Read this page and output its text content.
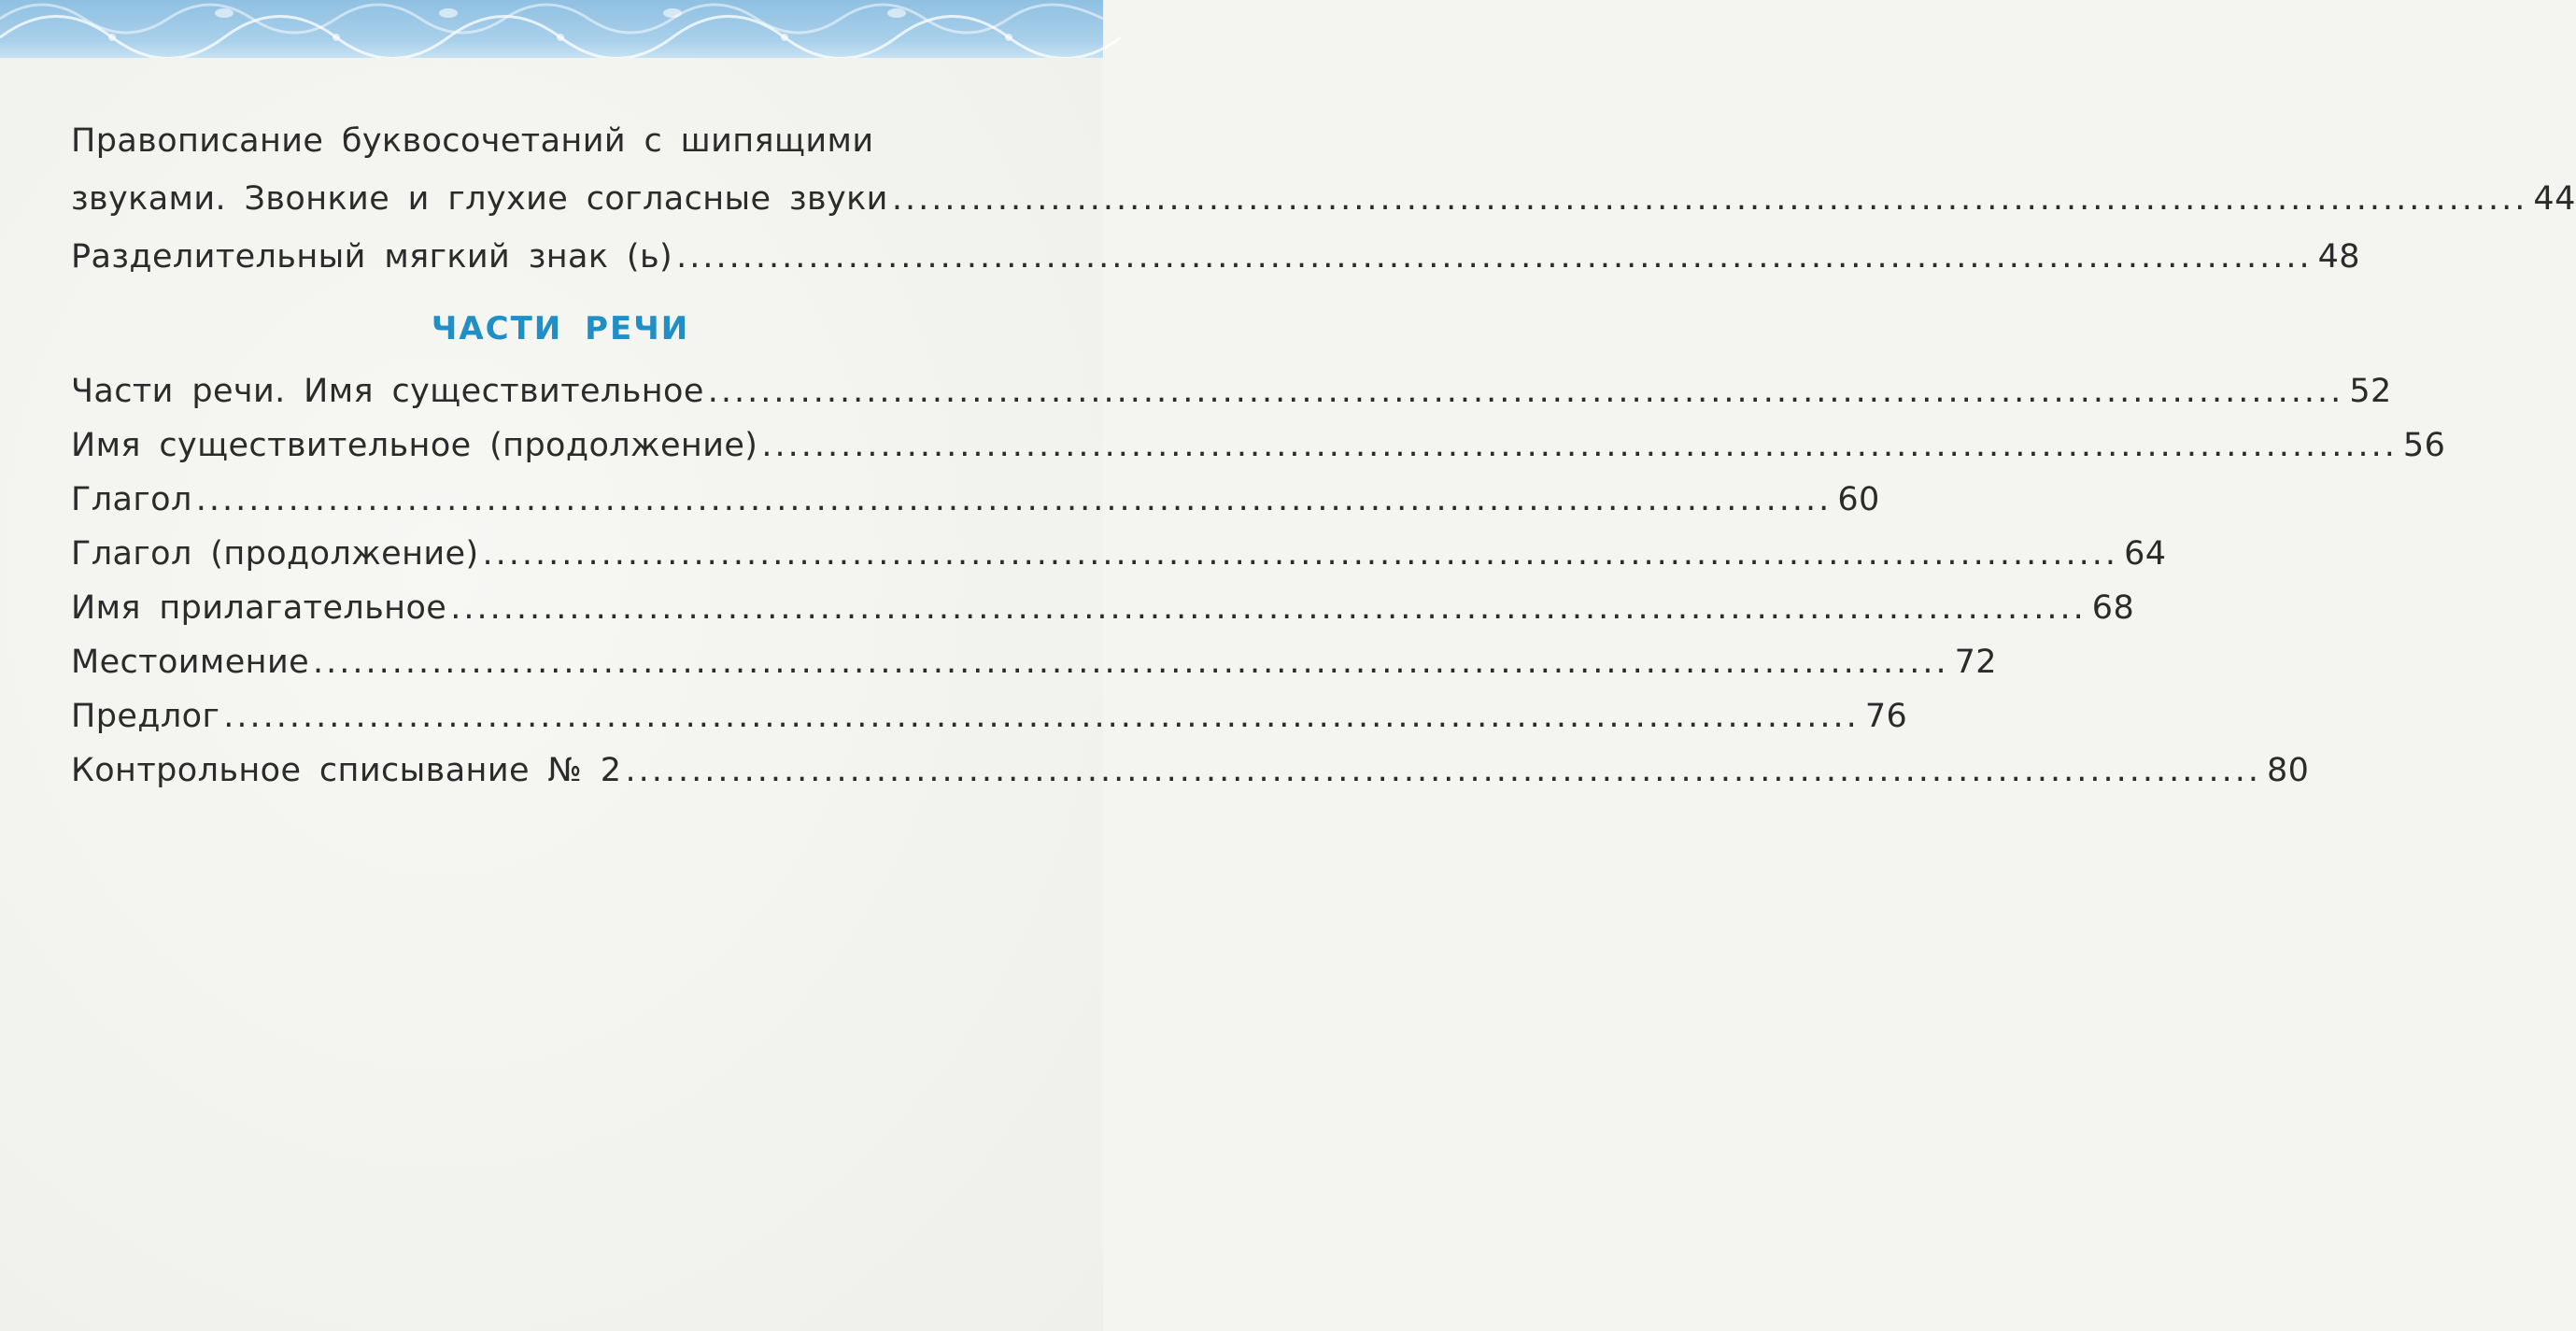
Правописание буквосочетаний с шипящими
звуками. Звонкие и глухие согласные звуки ............................................................................................................................ 44
Разделительный мягкий знак (ь) ............................................................................................................................ 48
ЧАСТИ РЕЧИ
Части речи. Имя существительное ............................................................................................................................ 52
Имя существительное (продолжение) ............................................................................................................................ 56
Глагол ............................................................................................................................ 60
Глагол (продолжение) ............................................................................................................................ 64
Имя прилагательное ............................................................................................................................ 68
Местоимение ............................................................................................................................ 72
Предлог ............................................................................................................................ 76
Контрольное списывание № 2 ............................................................................................................................ 80
